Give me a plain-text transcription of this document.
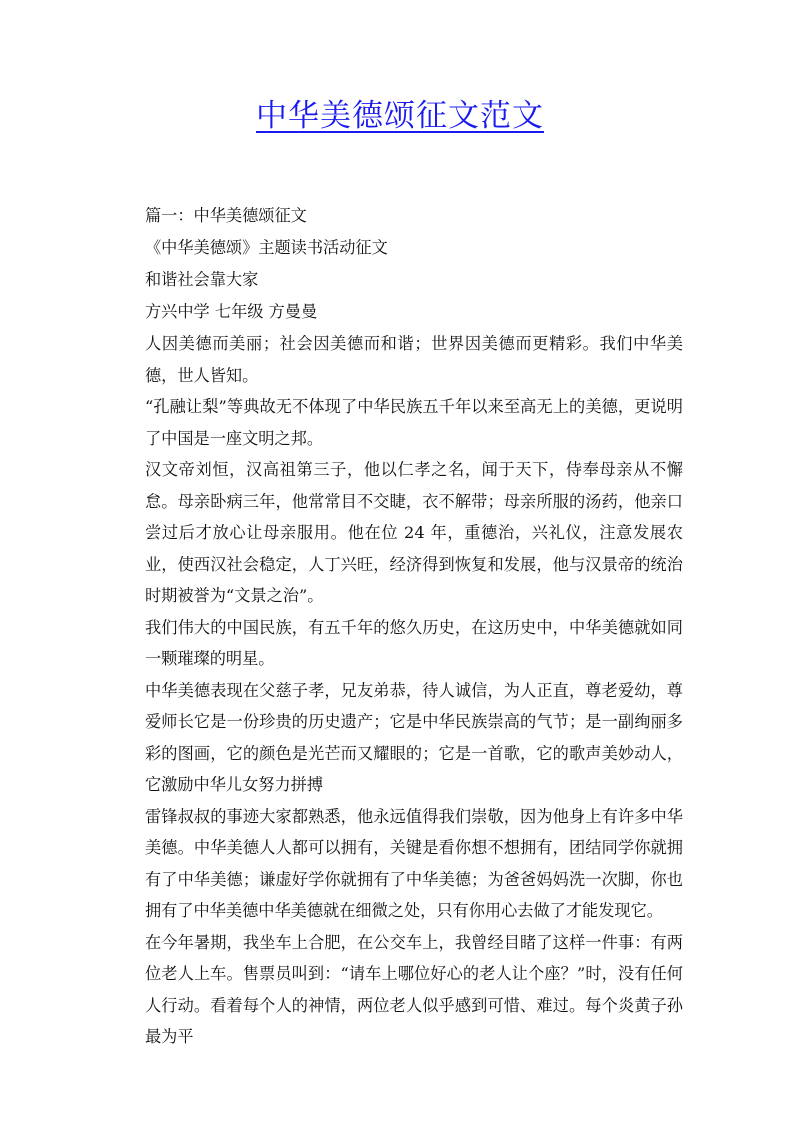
中华美德颂征文范文
篇一：中华美德颂征文
《中华美德颂》主题读书活动征文
和谐社会靠大家
方兴中学 七年级 方曼曼
人因美德而美丽；社会因美德而和谐；世界因美德而更精彩。我们中华美德，世人皆知。
“孔融让梨”等典故无不体现了中华民族五千年以来至高无上的美德，更说明了中国是一座文明之邦。
汉文帝刘恒，汉高祖第三子，他以仁孝之名，闻于天下，侍奉母亲从不懈怠。母亲卧病三年，他常常目不交睫，衣不解带；母亲所服的汤药，他亲口尝过后才放心让母亲服用。他在位 24 年，重德治，兴礼仪，注意发展农业，使西汉社会稳定，人丁兴旺，经济得到恢复和发展，他与汉景帝的统治时期被誉为“文景之治”。
我们伟大的中国民族，有五千年的悠久历史，在这历史中，中华美德就如同一颗璀璨的明星。
中华美德表现在父慈子孝，兄友弟恭，待人诚信，为人正直，尊老爱幼，尊爱师长它是一份珍贵的历史遗产；它是中华民族崇高的气节；是一副绚丽多彩的图画，它的颜色是光芒而又耀眼的；它是一首歌，它的歌声美妙动人，它激励中华儿女努力拼搏
雷锋叔叔的事迹大家都熟悉，他永远值得我们崇敬，因为他身上有许多中华美德。中华美德人人都可以拥有，关键是看你想不想拥有，团结同学你就拥有了中华美德；谦虚好学你就拥有了中华美德；为爸爸妈妈洗一次脚，你也拥有了中华美德中华美德就在细微之处，只有你用心去做了才能发现它。
在今年暑期，我坐车上合肥，在公交车上，我曾经目睹了这样一件事：有两位老人上车。售票员叫到：“请车上哪位好心的老人让个座？”时，没有任何人行动。看着每个人的神情，两位老人似乎感到可惜、难过。每个炎黄子孙最为平
